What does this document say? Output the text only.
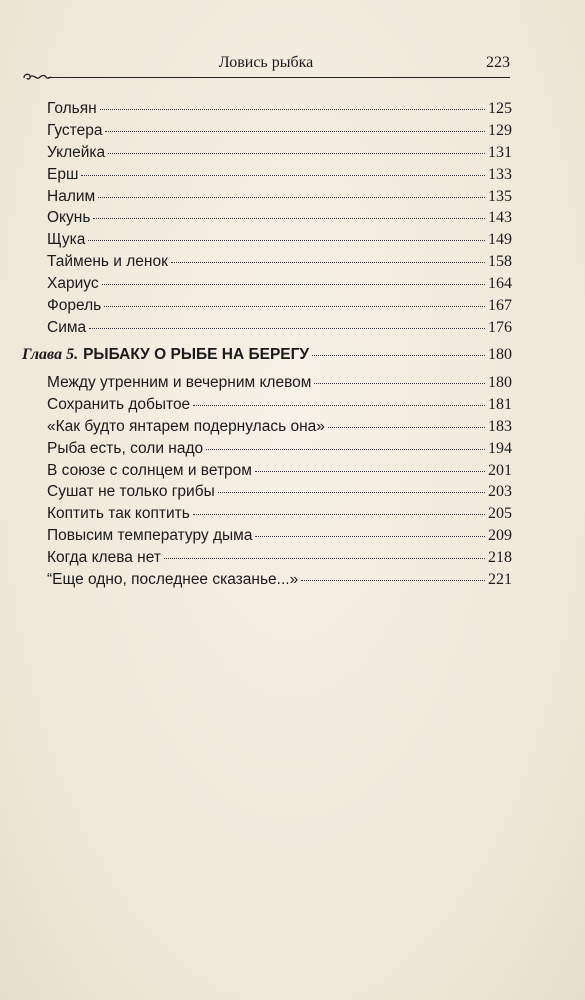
Ловись рыбка	223
Гольян	125
Густера	129
Уклейка	131
Ерш	133
Налим	135
Окунь	143
Щука	149
Таймень и ленок	158
Хариус	164
Форель	167
Сима	176
Глава 5. РЫБАКУ О РЫБЕ НА БЕРЕГУ	180
Между утренним и вечерним клевом	180
Сохранить добытое	181
«Как будто янтарем подернулась она»	183
Рыба есть, соли надо	194
В союзе с солнцем и ветром	201
Сушат не только грибы	203
Коптить так коптить	205
Повысим температуру дыма	209
Когда клева нет	218
“Еще одно, последнее сказанье...»	221
